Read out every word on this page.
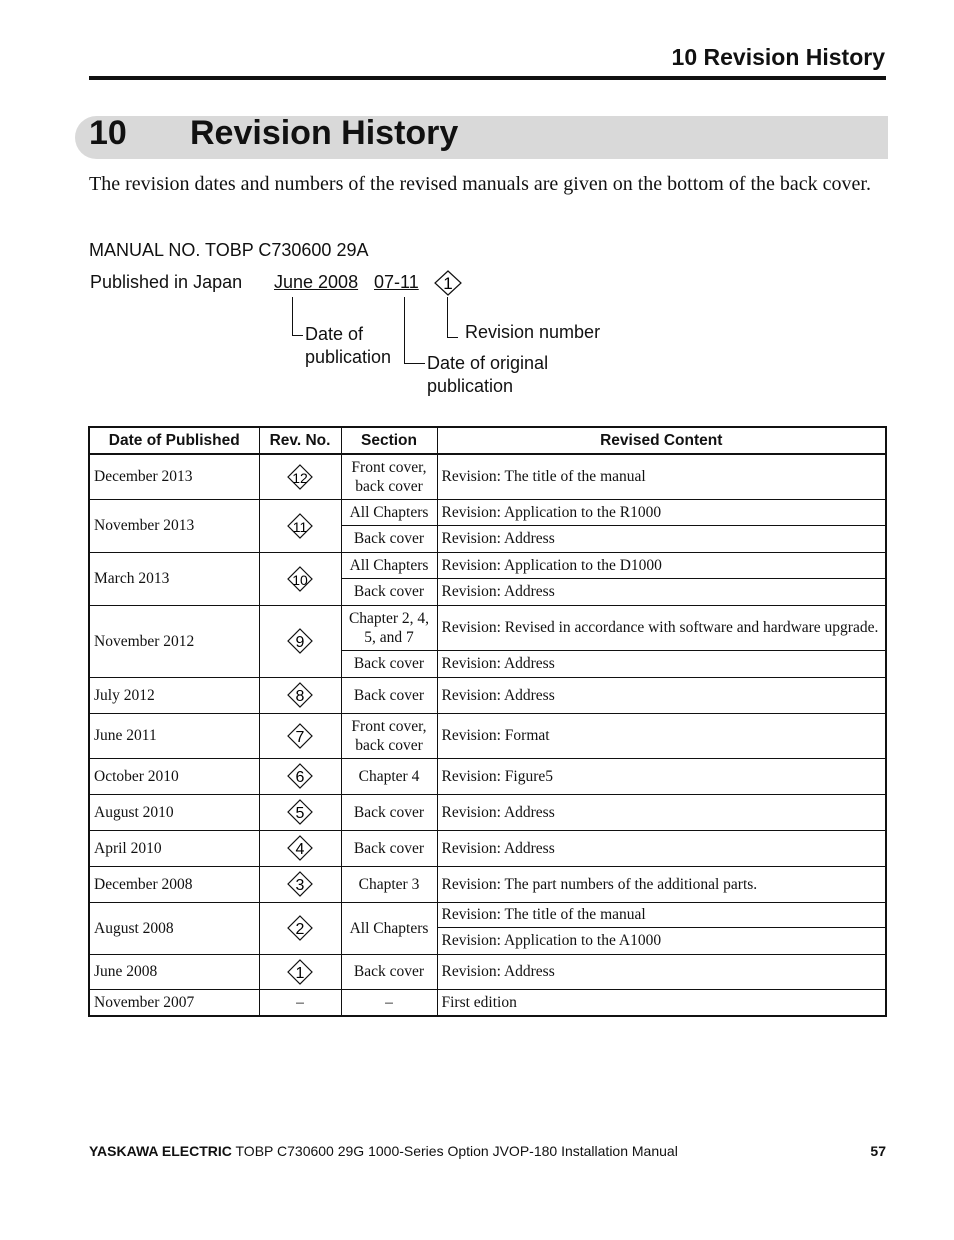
10 Revision History
10 Revision History

The revision dates and numbers of the revised manuals are given on the bottom of the back cover.

MANUAL NO. TOBP C730600 29A
Published in Japan June 2008 07-11 1
Date of publication
Revision number
Date of original publication
Date of Published	Rev. No.	Section	Revised Content
December 2013	12	Front cover, back cover	Revision: The title of the manual
November 2013	11	All Chapters	Revision: Application to the R1000
		Back cover	Revision: Address
March 2013	10	All Chapters	Revision: Application to the D1000
		Back cover	Revision: Address
November 2012	9	Chapter 2, 4, 5, and 7	Revision: Revised in accordance with software and hardware upgrade.
		Back cover	Revision: Address
July 2012	8	Back cover	Revision: Address
June 2011	7	Front cover, back cover	Revision: Format
October 2010	6	Chapter 4	Revision: Figure5
August 2010	5	Back cover	Revision: Address
April 2010	4	Back cover	Revision: Address
December 2008	3	Chapter 3	Revision: The part numbers of the additional parts.
August 2008	2	All Chapters	Revision: The title of the manual
			Revision: Application to the A1000
June 2008	1	Back cover	Revision: Address
November 2007	–	–	First edition
YASKAWA ELECTRIC TOBP C730600 29G 1000-Series Option JVOP-180 Installation Manual	57
